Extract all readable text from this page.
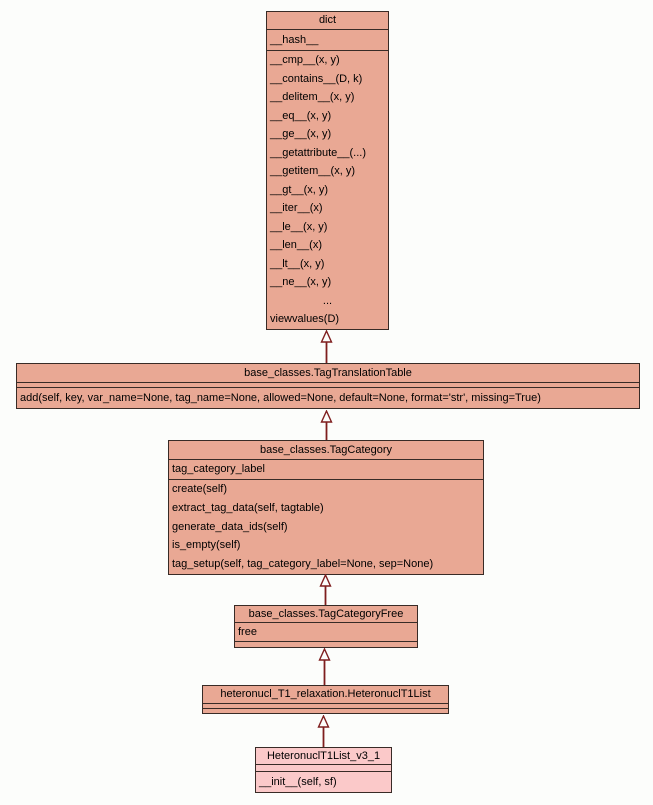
dict
__hash__
__cmp__(x, y)
__contains__(D, k)
__delitem__(x, y)
__eq__(x, y)
__ge__(x, y)
__getattribute__(...)
__getitem__(x, y)
__gt__(x, y)
__iter__(x)
__le__(x, y)
__len__(x)
__lt__(x, y)
__ne__(x, y)
...
viewvalues(D)
base_classes.TagTranslationTable
add(self, key, var_name=None, tag_name=None, allowed=None, default=None, format='str', missing=True)
base_classes.TagCategory
tag_category_label
create(self)
extract_tag_data(self, tagtable)
generate_data_ids(self)
is_empty(self)
tag_setup(self, tag_category_label=None, sep=None)
base_classes.TagCategoryFree
free
heteronucl_T1_relaxation.HeteronuclT1List
HeteronuclT1List_v3_1
__init__(self, sf)
